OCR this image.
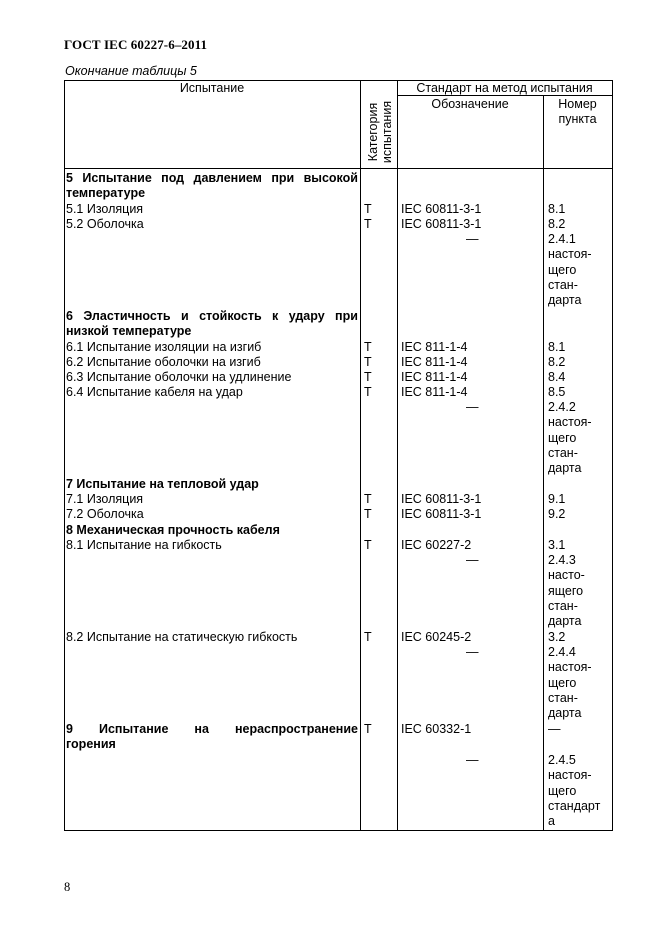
ГОСТ IEC 60227-6–2011
Окончание таблицы 5
Испытание
Категория испытания
Стандарт на метод испытания
Обозначение	Номер
пункта
5 Испытание под давлением при высокой
температуре
5.1 Изоляция	Т IEC 60811-3-1	8.1
5.2 Оболочка	Т IEC 60811-3-1	8.2
—	2.4.1
настоя-
щего
стан-
дарта
6 Эластичность и стойкость к удару при
низкой температуре
6.1 Испытание изоляции на изгиб	Т IEC 811-1-4	8.1
6.2 Испытание оболочки на изгиб	Т IEC 811-1-4	8.2
6.3 Испытание оболочки на удлинение	Т IEC 811-1-4	8.4
6.4 Испытание кабеля на удар	Т IEC 811-1-4	8.5
—	2.4.2
настоя-
щего
стан-
дарта
7 Испытание на тепловой удар
7.1 Изоляция	Т IEC 60811-3-1	9.1
7.2 Оболочка	Т IEC 60811-3-1	9.2
8 Механическая прочность кабеля
8.1 Испытание на гибкость	Т IEC 60227-2	3.1
—	2.4.3
насто-
ящего
стан-
дарта
8.2 Испытание на статическую гибкость	Т IEC 60245-2	3.2
—	2.4.4
настоя-
щего
стан-
дарта
9 Испытание на нераспространение
горения
Т IEC 60332-1	—
—	2.4.5
настоя-
щего
стандарт
а
8
